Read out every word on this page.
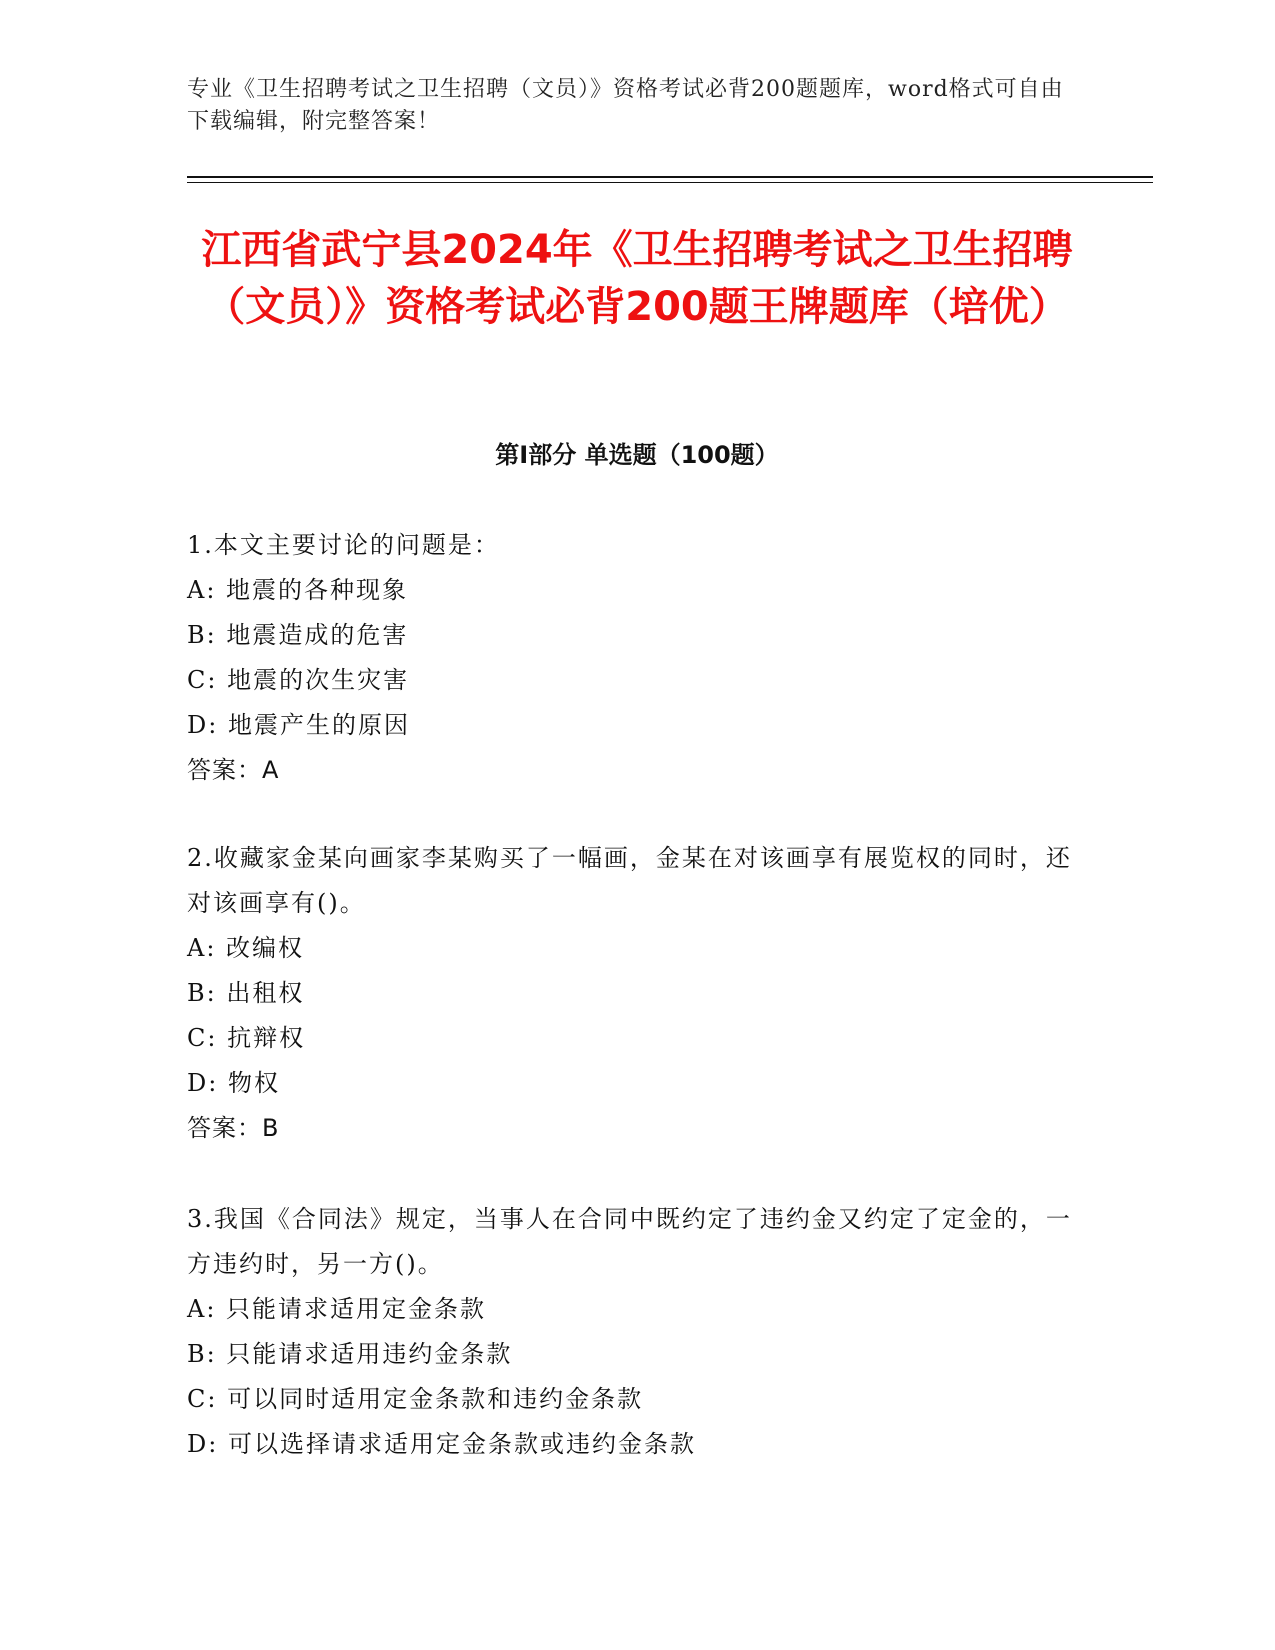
专业《卫生招聘考试之卫生招聘（文员）》资格考试必背200题题库，word格式可自由下载编辑，附完整答案！
江西省武宁县2024年《卫生招聘考试之卫生招聘（文员）》资格考试必背200题王牌题库（培优）
第Ⅰ部分 单选题（100题）
1.本文主要讨论的问题是：
A: 地震的各种现象
B: 地震造成的危害
C: 地震的次生灾害
D: 地震产生的原因
答案：A
2.收藏家金某向画家李某购买了一幅画，金某在对该画享有展览权的同时，还对该画享有()。
A: 改编权
B: 出租权
C: 抗辩权
D: 物权
答案：B
3.我国《合同法》规定，当事人在合同中既约定了违约金又约定了定金的，一方违约时，另一方()。
A: 只能请求适用定金条款
B: 只能请求适用违约金条款
C: 可以同时适用定金条款和违约金条款
D: 可以选择请求适用定金条款或违约金条款
